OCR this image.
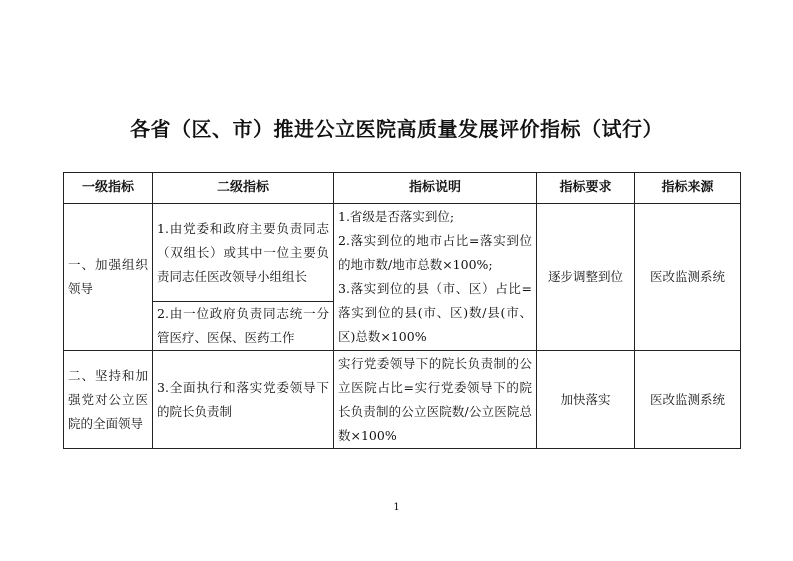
各省（区、市）推进公立医院高质量发展评价指标（试行）
一级指标	二级指标	指标说明	指标要求	指标来源
一、加强组织领导	1.由党委和政府主要负责同志（双组长）或其中一位主要负责同志任医改领导小组组长	1.省级是否落实到位;
2.落实到位的地市占比=落实到位的地市数/地市总数×100%;
3.落实到位的县（市、区）占比=落实到位的县(市、区)数/县(市、区)总数×100%	逐步调整到位	医改监测系统
	2.由一位政府负责同志统一分管医疗、医保、医药工作			
二、坚持和加强党对公立医院的全面领导	3.全面执行和落实党委领导下的院长负责制	实行党委领导下的院长负责制的公立医院占比=实行党委领导下的院长负责制的公立医院数/公立医院总数×100%	加快落实	医改监测系统
1
